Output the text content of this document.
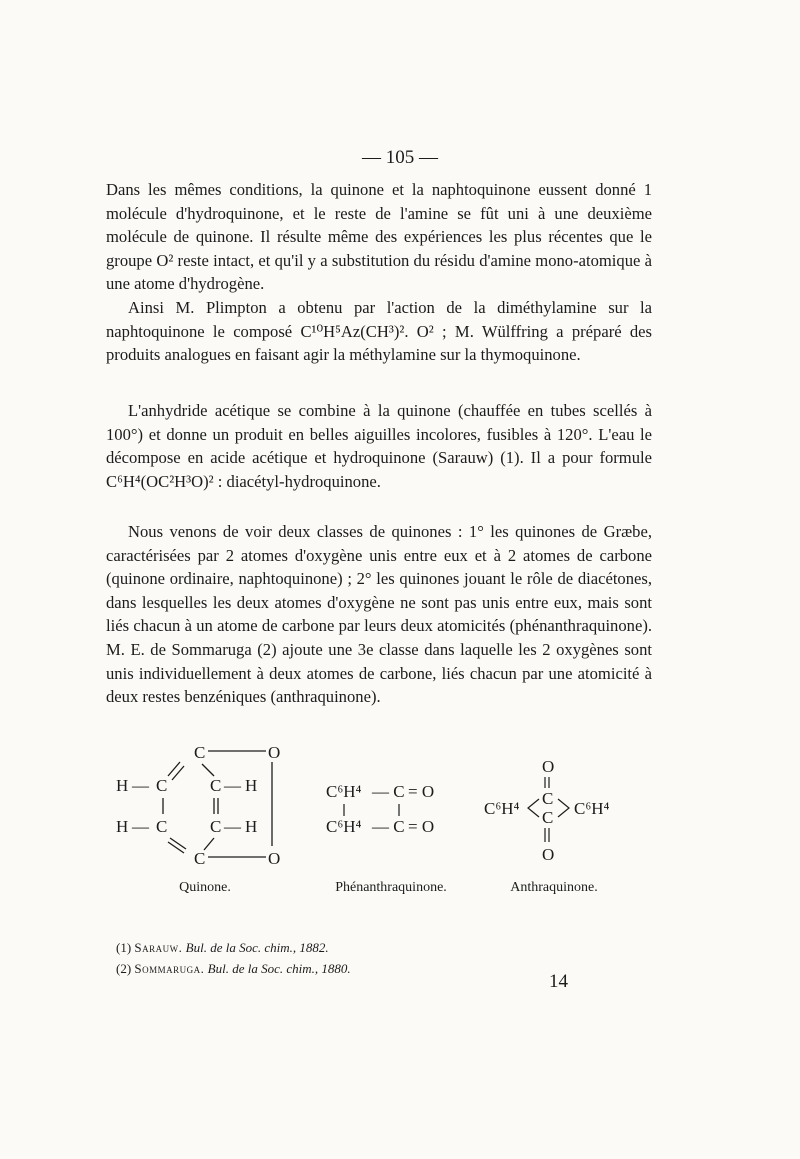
— 105 —

Dans les mêmes conditions, la quinone et la naphtoquinone eussent donné 1 molécule d'hydroquinone, et le reste de l'amine se fût uni à une deuxième molécule de quinone. Il résulte même des expériences les plus récentes que le groupe O² reste intact, et qu'il y a substitution du résidu d'amine mono-atomique à une atome d'hydrogène.

Ainsi M. Plimpton a obtenu par l'action de la diméthylamine sur la naphtoquinone le composé C¹⁰H⁵Az(CH³)². O² ; M. Wülffring a préparé des produits analogues en faisant agir la méthylamine sur la thymoquinone.

L'anhydride acétique se combine à la quinone (chauffée en tubes scellés à 100°) et donne un produit en belles aiguilles incolores, fusibles à 120°. L'eau le décompose en acide acétique et hydroquinone (Sarauw) (1). Il a pour formule C⁶H⁴(OC²H³O)² : diacétyl-hydroquinone.

Nous venons de voir deux classes de quinones : 1° les quinones de Græbe, caractérisées par 2 atomes d'oxygène unis entre eux et à 2 atomes de carbone (quinone ordinaire, naphtoquinone) ; 2° les quinones jouant le rôle de diacétones, dans lesquelles les deux atomes d'oxygène ne sont pas unis entre eux, mais sont liés chacun à un atome de carbone par leurs deux atomicités (phénanthraquinone). M. E. de Sommaruga (2) ajoute une 3e classe dans laquelle les 2 oxygènes sont unis individuellement à deux atomes de carbone, liés chacun par une atomicité à deux restes benzéniques (anthraquinone).

C	O
H — C	C — H
H — C	C — H
C	O
C⁶H⁴ — C = O
C⁶H⁴ — C = O
O
C
C
O
C⁶H⁴	C⁶H⁴
Quinone.	Phénanthraquinone.	Anthraquinone.
(1) Sarauw. Bul. de la Soc. chim., 1882.
(2) Sommaruga. Bul. de la Soc. chim., 1880.
14
